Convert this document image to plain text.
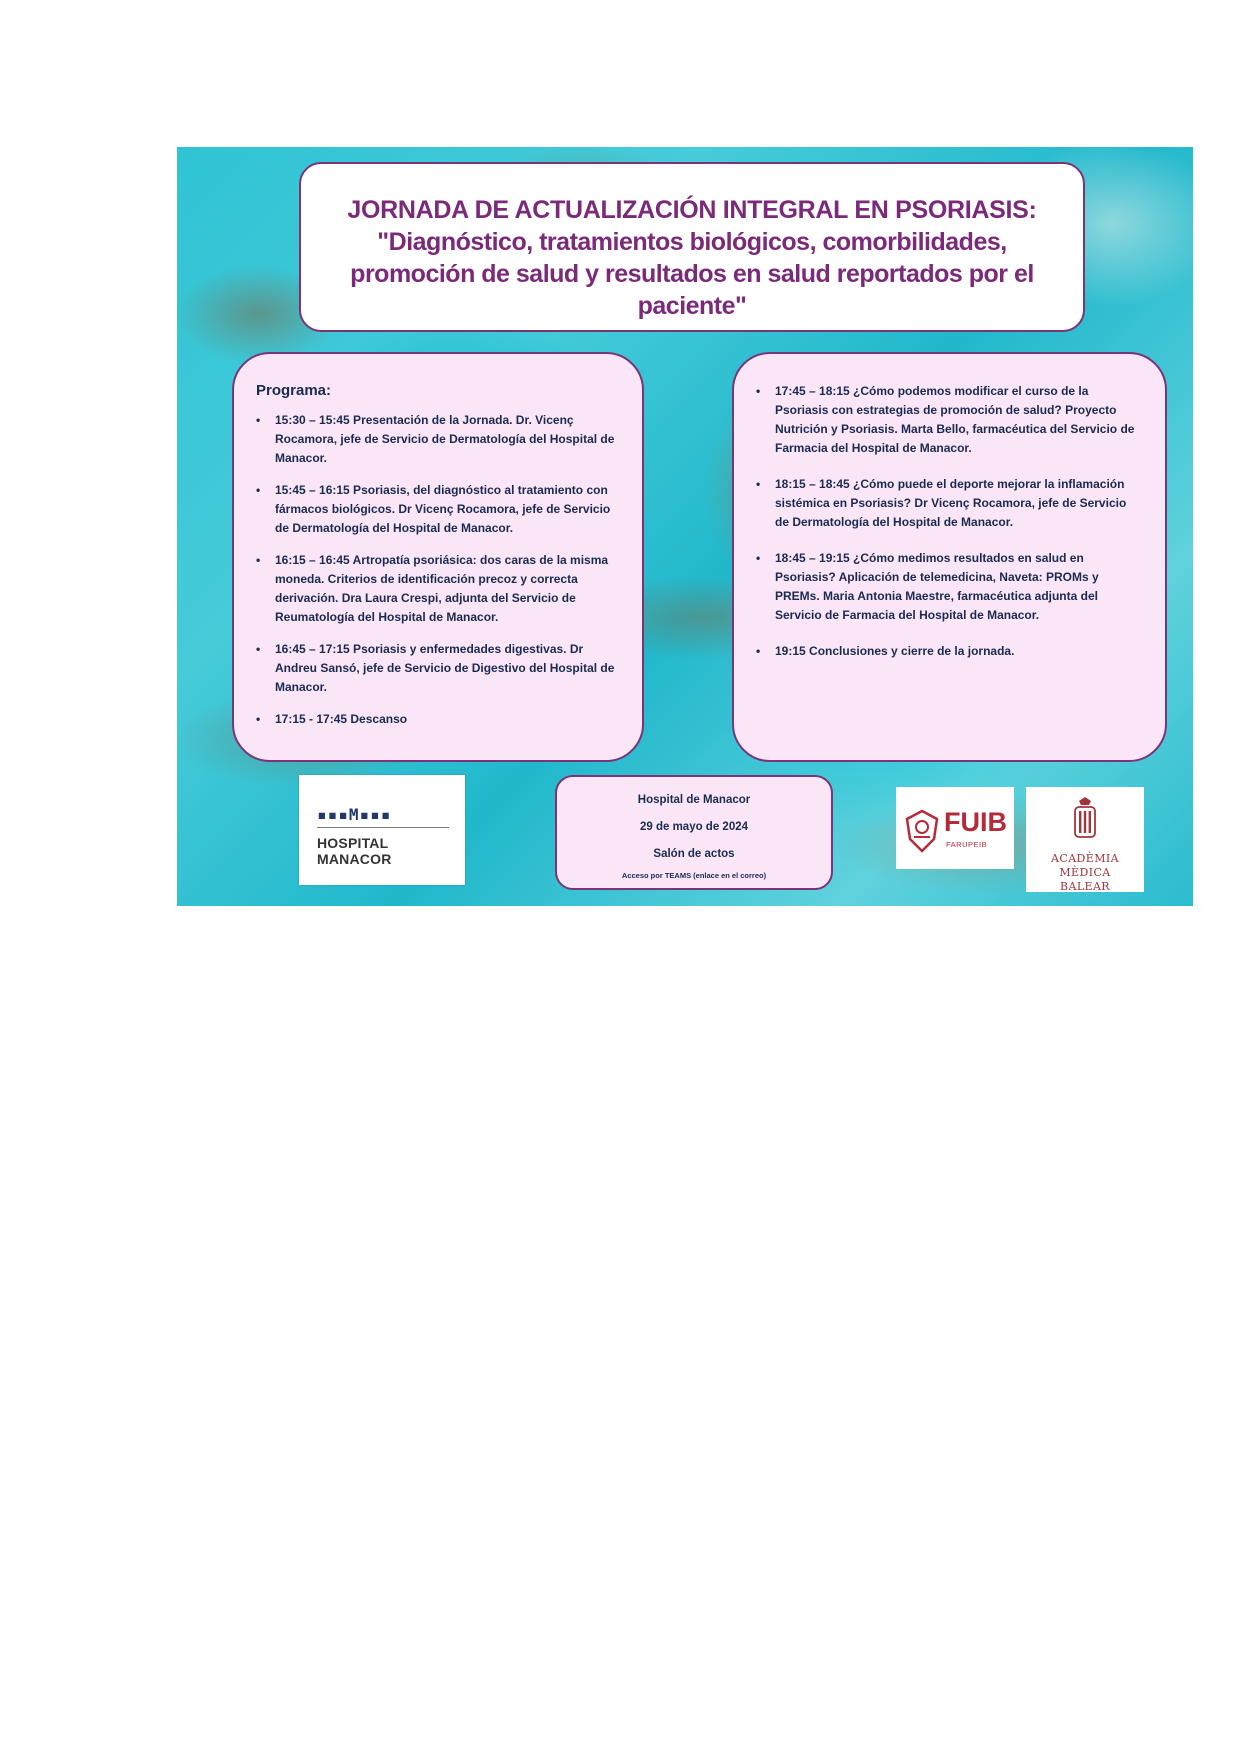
JORNADA DE ACTUALIZACIÓN INTEGRAL EN PSORIASIS:
"Diagnóstico, tratamientos biológicos, comorbilidades, promoción de salud y resultados en salud reportados por el paciente"
Programa:
• 15:30 – 15:45 Presentación de la Jornada. Dr. Vicenç Rocamora, jefe de Servicio de Dermatología del Hospital de Manacor.
• 15:45 – 16:15 Psoriasis, del diagnóstico al tratamiento con fármacos biológicos. Dr Vicenç Rocamora, jefe de Servicio de Dermatología del Hospital de Manacor.
• 16:15 – 16:45 Artropatía psoriásica: dos caras de la misma moneda. Criterios de identificación precoz y correcta derivación. Dra Laura Crespi, adjunta del Servicio de Reumatología del Hospital de Manacor.
• 16:45 – 17:15 Psoriasis y enfermedades digestivas. Dr Andreu Sansó, jefe de Servicio de Digestivo del Hospital de Manacor.
• 17:15 - 17:45 Descanso
• 17:45 – 18:15 ¿Cómo podemos modificar el curso de la Psoriasis con estrategias de promoción de salud? Proyecto Nutrición y Psoriasis. Marta Bello, farmacéutica del Servicio de Farmacia del Hospital de Manacor.
• 18:15 – 18:45 ¿Cómo puede el deporte mejorar la inflamación sistémica en Psoriasis? Dr Vicenç Rocamora, jefe de Servicio de Dermatología del Hospital de Manacor.
• 18:45 – 19:15 ¿Cómo medimos resultados en salud en Psoriasis? Aplicación de telemedicina, Naveta: PROMs y PREMs. Maria Antonia Maestre, farmacéutica adjunta del Servicio de Farmacia del Hospital de Manacor.
• 19:15 Conclusiones y cierre de la jornada.
▪▪▪M▪▪▪
HOSPITAL MANACOR
Hospital de Manacor
29 de mayo de 2024
Salón de actos
Acceso por TEAMS (enlace en el correo)
FUIB
FARUPEIB
ACADÈMIA MÈDICA
BALEAR
